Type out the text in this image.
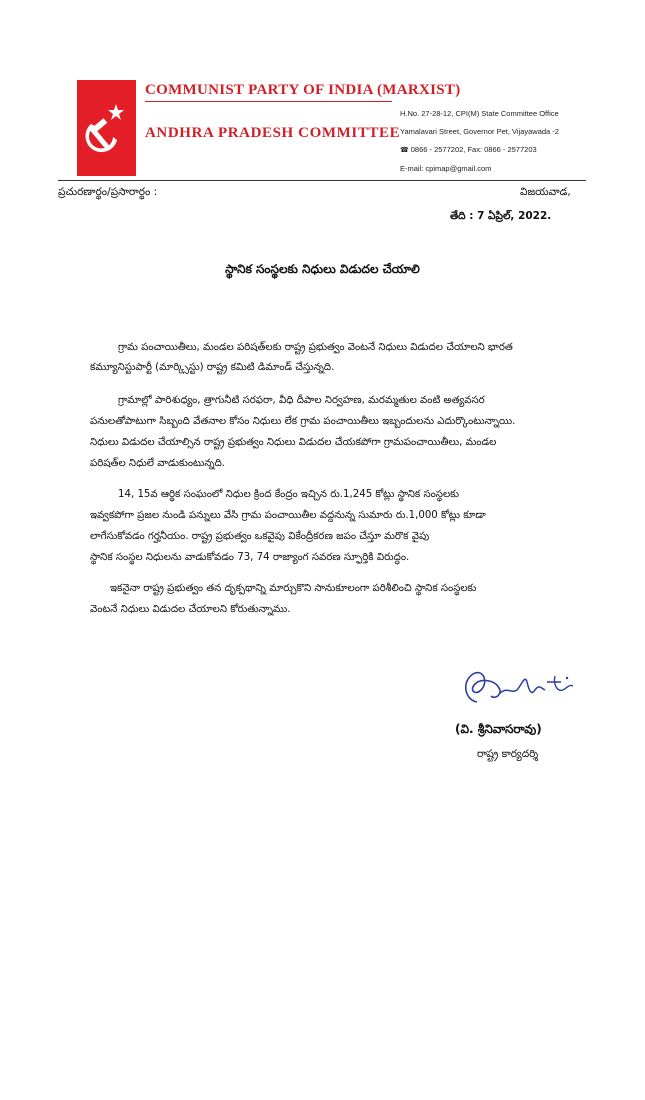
COMMUNIST PARTY OF INDIA (MARXIST)
ANDHRA PRADESH COMMITTEE
H.No. 27-28-12, CPI(M) State Committee Office
Yamalavari Street, Governor Pet, Vijayawada -2
☎ 0866 - 2577202, Fax: 0866 - 2577203
E-mail: cpimap@gmail.com
ప్రచురణార్థం/ప్రసారార్థం :	విజయవాడ,
తేది : 7 ఏప్రిల్, 2022.
స్థానిక సంస్థలకు నిధులు విడుదల చేయాలి
గ్రామ పంచాయితీలు, మండల పరిషత్‌లకు రాష్ట్ర ప్రభుత్వం వెంటనే నిధులు విడుదల చేయాలని భారత
కమ్యూనిస్టుపార్టీ (మార్క్సిస్టు) రాష్ట్ర కమిటి డిమాండ్ చేస్తున్నది.
గ్రామాల్లో పారిశుధ్యం, త్రాగునీటి సరఫరా, వీధి దీపాల నిర్వహణ, మరమ్మతుల వంటి అత్యవసర
పనులతోపాటుగా సిబ్బంది వేతనాల కోసం నిధులు లేక గ్రామ పంచాయితీలు ఇబ్బందులను ఎదుర్కొంటున్నాయి.
నిధులు విడుదల చేయాల్సిన రాష్ట్ర ప్రభుత్వం నిధులు విడుదల చేయకపోగా గ్రామపంచాయితీలు, మండల
పరిషత్‌ల నిధులే వాడుకుంటున్నది.
14, 15వ ఆర్థిక సంఘంలో నిధుల క్రింద కేంద్రం ఇచ్చిన రు.1,245 కోట్లు స్థానిక సంస్థలకు
ఇవ్వకపోగా ప్రజల నుండి పన్నులు వేసి గ్రామ పంచాయితీల వద్దనున్న సుమారు రు.1,000 కోట్లు కూడా
లాగేసుకోవడం గర్హనీయం. రాష్ట్ర ప్రభుత్వం ఒకవైపు వికేంద్రీకరణ జపం చేస్తూ మరొక వైపు
స్థానిక సంస్థల నిధులను వాడుకోవడం 73, 74 రాజ్యాంగ సవరణ స్ఫూర్తికి విరుద్ధం.
ఇకనైనా రాష్ట్ర ప్రభుత్వం తన దృక్పథాన్ని మార్చుకొని సానుకూలంగా పరిశీలించి స్థానిక సంస్థలకు
వెంటనే నిధులు విడుదల చేయాలని కోరుతున్నాము.
(వి. శ్రీనివాసరావు)
రాష్ట్ర కార్యదర్శి
